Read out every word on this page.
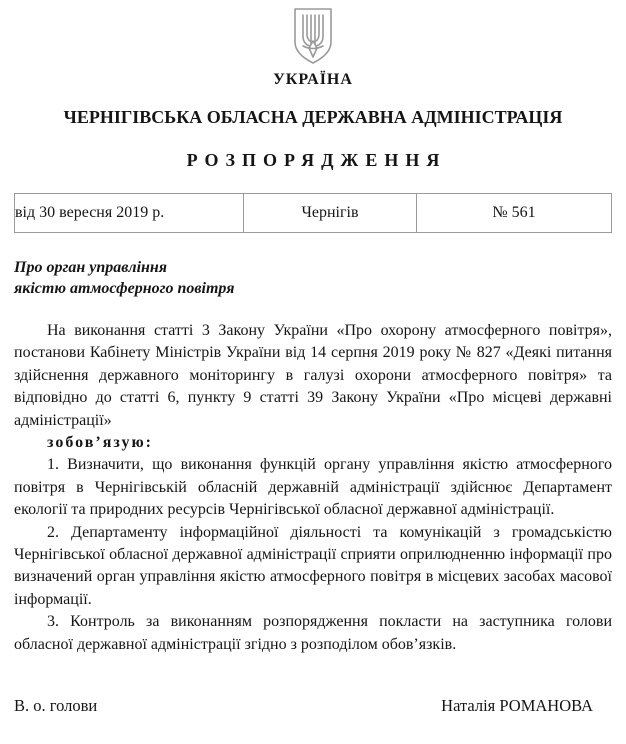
УКРАЇНА
ЧЕРНІГІВСЬКА ОБЛАСНА ДЕРЖАВНА АДМІНІСТРАЦІЯ
РОЗПОРЯДЖЕННЯ
від 30 вересня 2019 р.	Чернігів	№ 561
Про орган управління
якістю атмосферного повітря

На виконання статті 3 Закону України «Про охорону атмосферного повітря», постанови Кабінету Міністрів України від 14 серпня 2019 року № 827 «Деякі питання здійснення державного моніторингу в галузі охорони атмосферного повітря» та відповідно до статті 6, пункту 9 статті 39 Закону України «Про місцеві державні адміністрації»

зобов’язую:

1. Визначити, що виконання функцій органу управління якістю атмосферного повітря в Чернігівській обласній державній адміністрації здійснює Департамент екології та природних ресурсів Чернігівської обласної державної адміністрації.

2. Департаменту інформаційної діяльності та комунікацій з громадськістю Чернігівської обласної державної адміністрації сприяти оприлюдненню інформації про визначений орган управління якістю атмосферного повітря в місцевих засобах масової інформації.

3. Контроль за виконанням розпорядження покласти на заступника голови обласної державної адміністрації згідно з розподілом обов’язків.

В. о. голови	Наталія РОМАНОВА
